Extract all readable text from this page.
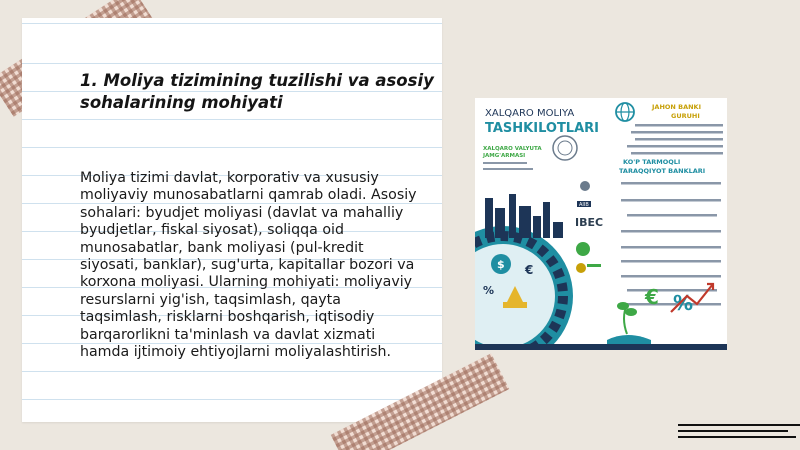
1. Moliya tizimining tuzilishi va asosiy sohalarining mohiyati

Moliya tizimi davlat, korporativ va xususiy moliyaviy munosabatlarni qamrab oladi. Asosiy sohalari: byudjet moliyasi (davlat va mahalliy byudjetlar, fiskal siyosat), soliqqa oid munosabatlar, bank moliyasi (pul-kredit siyosati, banklar), sug'urta, kapitallar bozori va korxona moliyasi. Ularning mohiyati: moliyaviy resurslarni yig'ish, taqsimlash, qayta taqsimlash, risklarni boshqarish, iqtisodiy barqarorlikni ta'minlash va davlat xizmati hamda ijtimoiy ehtiyojlarni moliyalashtirish.

XALQARO MOLIYA
TASHKILOTLARI
JAHON BANKI
GURUHI
XALQARO VALYUTA
JAMG'ARMASI
KO'P TARMOQLI
TARAQQIYOT BANKLARI
AIIB
IBEC
$ €
%	€ %
